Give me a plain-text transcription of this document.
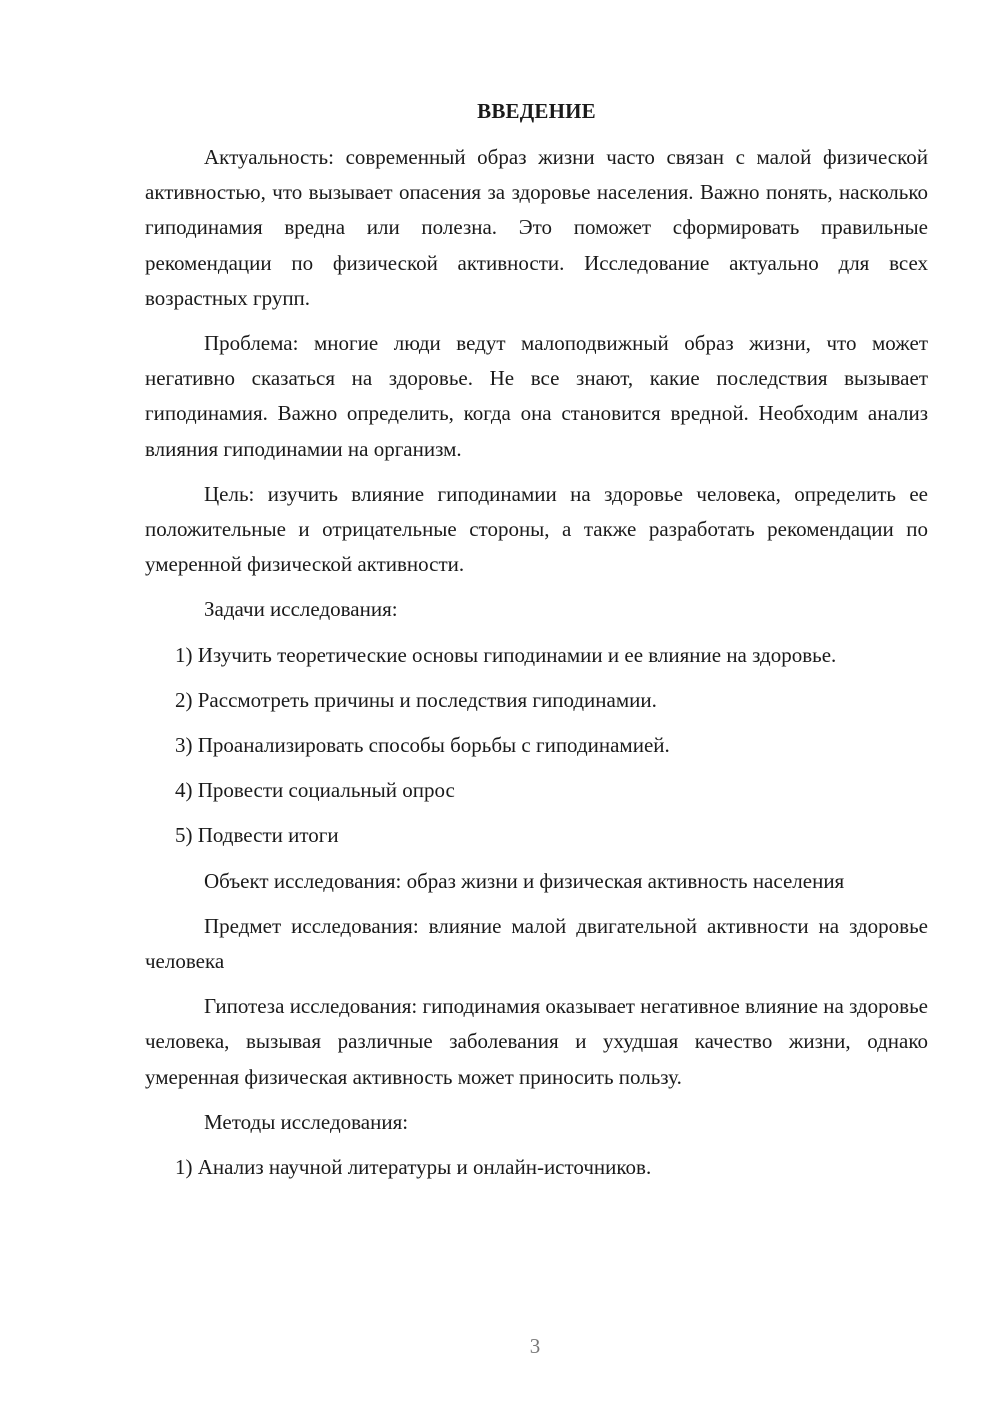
ВВЕДЕНИЕ

Актуальность: современный образ жизни часто связан с малой физической активностью, что вызывает опасения за здоровье населения. Важно понять, насколько гиподинамия вредна или полезна. Это поможет сформировать правильные рекомендации по физической активности. Исследование актуально для всех возрастных групп.

Проблема: многие люди ведут малоподвижный образ жизни, что может негативно сказаться на здоровье. Не все знают, какие последствия вызывает гиподинамия. Важно определить, когда она становится вредной. Необходим анализ влияния гиподинамии на организм.

Цель: изучить влияние гиподинамии на здоровье человека, определить ее положительные и отрицательные стороны, а также разработать рекомендации по умеренной физической активности.

Задачи исследования:

1) Изучить теоретические основы гиподинамии и ее влияние на здоровье.

2) Рассмотреть причины и последствия гиподинамии.

3) Проанализировать способы борьбы с гиподинамией.

4) Провести социальный опрос

5) Подвести итоги

Объект исследования: образ жизни и физическая активность населения

Предмет исследования: влияние малой двигательной активности на здоровье человека

Гипотеза исследования: гиподинамия оказывает негативное влияние на здоровье человека, вызывая различные заболевания и ухудшая качество жизни, однако умеренная физическая активность может приносить пользу.

Методы исследования:

1) Анализ научной литературы и онлайн-источников.

3
